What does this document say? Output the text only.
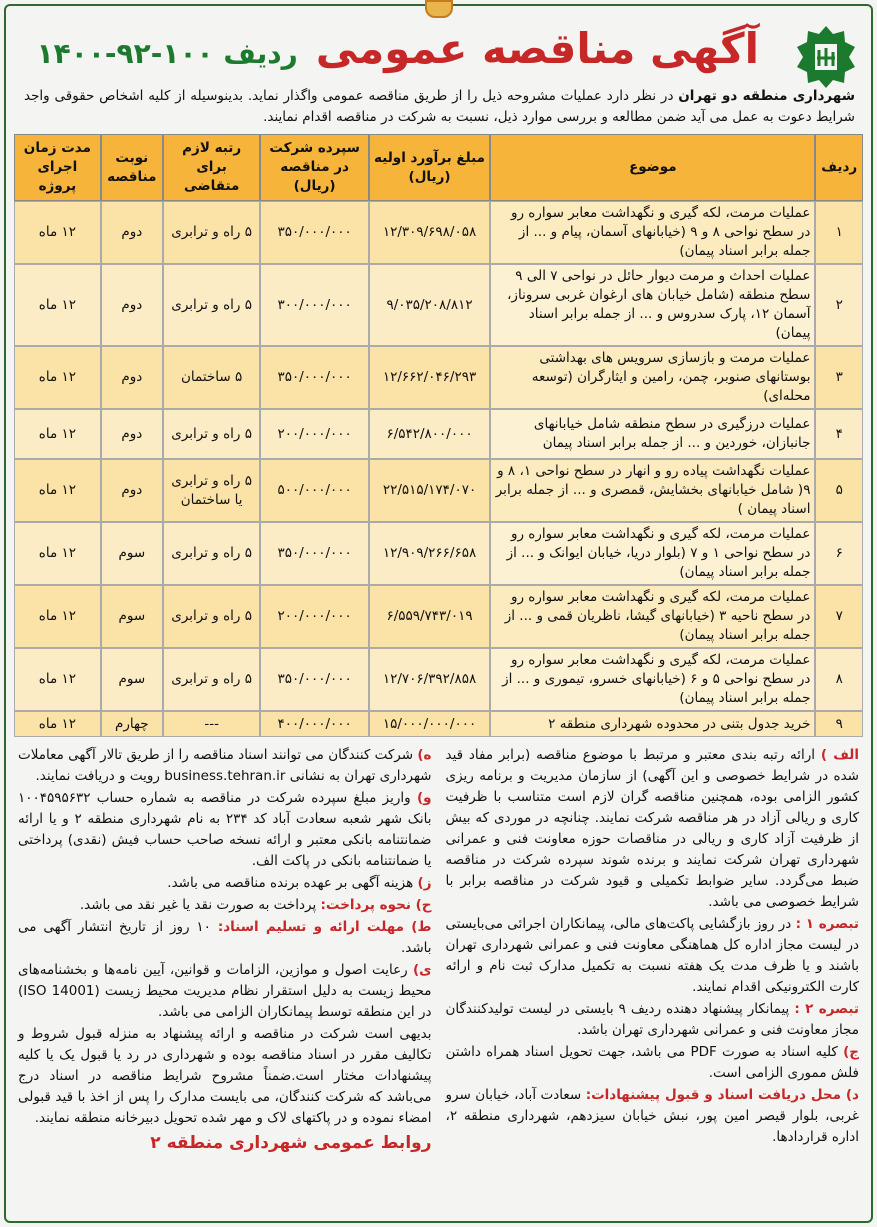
آگهی مناقصه عمومی
ردیف ۱۰۰-۹۲-۱۴۰۰
شهرداری منطقه دو تهران در نظر دارد عملیات مشروحه ذیل را از طریق مناقصه عمومی واگذار نماید. بدینوسیله از کلیه اشخاص حقوقی واجد شرایط دعوت به عمل می آید ضمن مطالعه و بررسی موارد ذیل، نسبت به شرکت در مناقصه اقدام نمایند.
ردیف	موضوع	مبلغ برآورد اولیه (ریال)	سپرده شرکت در مناقصه (ریال)	رتبه لازم برای متقاضی	نوبت مناقصه	مدت زمان اجرای پروژه
۱	عملیات مرمت، لکه گیری و نگهداشت معابر سواره رو در سطح نواحی ۸ و ۹ (خیابانهای آسمان، پیام و ... از جمله برابر اسناد پیمان)	۱۲/۳۰۹/۶۹۸/۰۵۸	۳۵۰/۰۰۰/۰۰۰	۵ راه و ترابری	دوم	۱۲ ماه
۲	عملیات احداث و مرمت دیوار حائل در نواحی ۷ الی ۹ سطح منطقه (شامل خیابان های ارغوان غربی سروناز، آسمان ۱۲، پارک سدروس و ... از جمله برابر اسناد پیمان)	۹/۰۳۵/۲۰۸/۸۱۲	۳۰۰/۰۰۰/۰۰۰	۵ راه و ترابری	دوم	۱۲ ماه
۳	عملیات مرمت و بازسازی سرویس های بهداشتی بوستانهای صنوبر، چمن، رامین و ایثارگران (توسعه محله‌ای)	۱۲/۶۶۲/۰۴۶/۲۹۳	۳۵۰/۰۰۰/۰۰۰	۵ ساختمان	دوم	۱۲ ماه
۴	عملیات درزگیری در سطح منطقه شامل خیابانهای جانبازان، خوردین و ... از جمله برابر اسناد پیمان	۶/۵۴۲/۸۰۰/۰۰۰	۲۰۰/۰۰۰/۰۰۰	۵ راه و ترابری	دوم	۱۲ ماه
۵	عملیات نگهداشت پیاده رو و انهار در سطح نواحی ۱، ۸ و ۹( شامل خیابانهای بخشایش، قمصری و ... از جمله برابر اسناد پیمان )	۲۲/۵۱۵/۱۷۴/۰۷۰	۵۰۰/۰۰۰/۰۰۰	۵ راه و ترابری یا ساختمان	دوم	۱۲ ماه
۶	عملیات مرمت، لکه گیری و نگهداشت معابر سواره رو در سطح نواحی ۱ و ۷ (بلوار دریا، خیابان ایوانک و ... از جمله برابر اسناد پیمان)	۱۲/۹۰۹/۲۶۶/۶۵۸	۳۵۰/۰۰۰/۰۰۰	۵ راه و ترابری	سوم	۱۲ ماه
۷	عملیات مرمت، لکه گیری و نگهداشت معابر سواره رو در سطح ناحیه ۳ (خیابانهای گیشا، ناظریان قمی و ... از جمله برابر اسناد پیمان)	۶/۵۵۹/۷۴۳/۰۱۹	۲۰۰/۰۰۰/۰۰۰	۵ راه و ترابری	سوم	۱۲ ماه
۸	عملیات مرمت، لکه گیری و نگهداشت معابر سواره رو در سطح نواحی ۵ و ۶ (خیابانهای خسرو، تیموری و ... از جمله برابر اسناد پیمان)	۱۲/۷۰۶/۳۹۲/۸۵۸	۳۵۰/۰۰۰/۰۰۰	۵ راه و ترابری	سوم	۱۲ ماه
۹	خرید جدول بتنی در محدوده شهرداری منطقه ۲	۱۵/۰۰۰/۰۰۰/۰۰۰	۴۰۰/۰۰۰/۰۰۰	---	چهارم	۱۲ ماه

الف ) ارائه رتبه بندی معتبر و مرتبط با موضوع مناقصه (برابر مفاد قید شده در شرایط خصوصی و این آگهی) از سازمان مدیریت و برنامه ریزی کشور الزامی بوده، همچنین مناقصه گران لازم است متناسب با ظرفیت کاری و ریالی آزاد در هر مناقصه شرکت نمایند. چنانچه در موردی که بیش از ظرفیت آزاد کاری و ریالی در مناقصات حوزه معاونت فنی و عمرانی شهرداری تهران شرکت نمایند و برنده شوند سپرده شرکت در مناقصه ضبط می‌گردد. سایر ضوابط تکمیلی و قیود شرکت در مناقصه برابر با شرایط خصوصی می باشد.

تبصره ۱ : در روز بازگشایی پاکت‌های مالی، پیمانکاران اجرائی می‌بایستی در لیست مجاز اداره کل هماهنگی معاونت فنی و عمرانی شهرداری تهران باشند و یا ظرف مدت یک هفته نسبت به تکمیل مدارک ثبت نام و ارائه کارت الکترونیکی اقدام نمایند.

تبصره ۲ : پیمانکار پیشنهاد دهنده ردیف ۹ بایستی در لیست تولیدکنندگان مجاز معاونت فنی و عمرانی شهرداری تهران باشد.

ج) کلیه اسناد به صورت PDF می باشد، جهت تحویل اسناد همراه داشتن فلش مموری الزامی است.

د) محل دریافت اسناد و قبول پیشنهادات: سعادت آباد، خیابان سرو غربی، بلوار قیصر امین پور، نبش خیابان سیزدهم، شهرداری منطقه ۲، اداره قراردادها.

ه) شرکت کنندگان می توانند اسناد مناقصه را از طریق تالار آگهی معاملات شهرداری تهران به نشانی business.tehran.ir رویت و دریافت نمایند.

و) واریز مبلغ سپرده شرکت در مناقصه به شماره حساب ۱۰۰۴۵۹۵۶۳۲ بانک شهر شعبه سعادت آباد کد ۲۳۴ به نام شهرداری منطقه ۲ و یا ارائه ضمانتنامه بانکی معتبر و ارائه نسخه صاحب حساب فیش (نقدی) پرداختی یا ضمانتنامه بانکی در پاکت الف.

ز) هزینه آگهی بر عهده برنده مناقصه می باشد.

ح) نحوه پرداخت: پرداخت به صورت نقد یا غیر نقد می باشد.

ط) مهلت ارائه و تسلیم اسناد: ۱۰ روز از تاریخ انتشار آگهی می باشد.

ی) رعایت اصول و موازین، الزامات و قوانین، آیین نامه‌ها و بخشنامه‌های محیط زیست به دلیل استقرار نظام مدیریت محیط زیست (ISO 14001) در این منطقه توسط پیمانکاران الزامی می باشد.

بدیهی است شرکت در مناقصه و ارائه پیشنهاد به منزله قبول شروط و تکالیف مقرر در اسناد مناقصه بوده و شهرداری در رد یا قبول یک یا کلیه پیشنهادات مختار است.ضمناً مشروح شرایط مناقصه در اسناد درج می‌باشد که شرکت کنندگان، می بایست مدارک را پس از اخذ با قید قبولی امضاء نموده و در پاکتهای لاک و مهر شده تحویل دبیرخانه منطقه نمایند.

روابط عمومی شهرداری منطقه ۲
